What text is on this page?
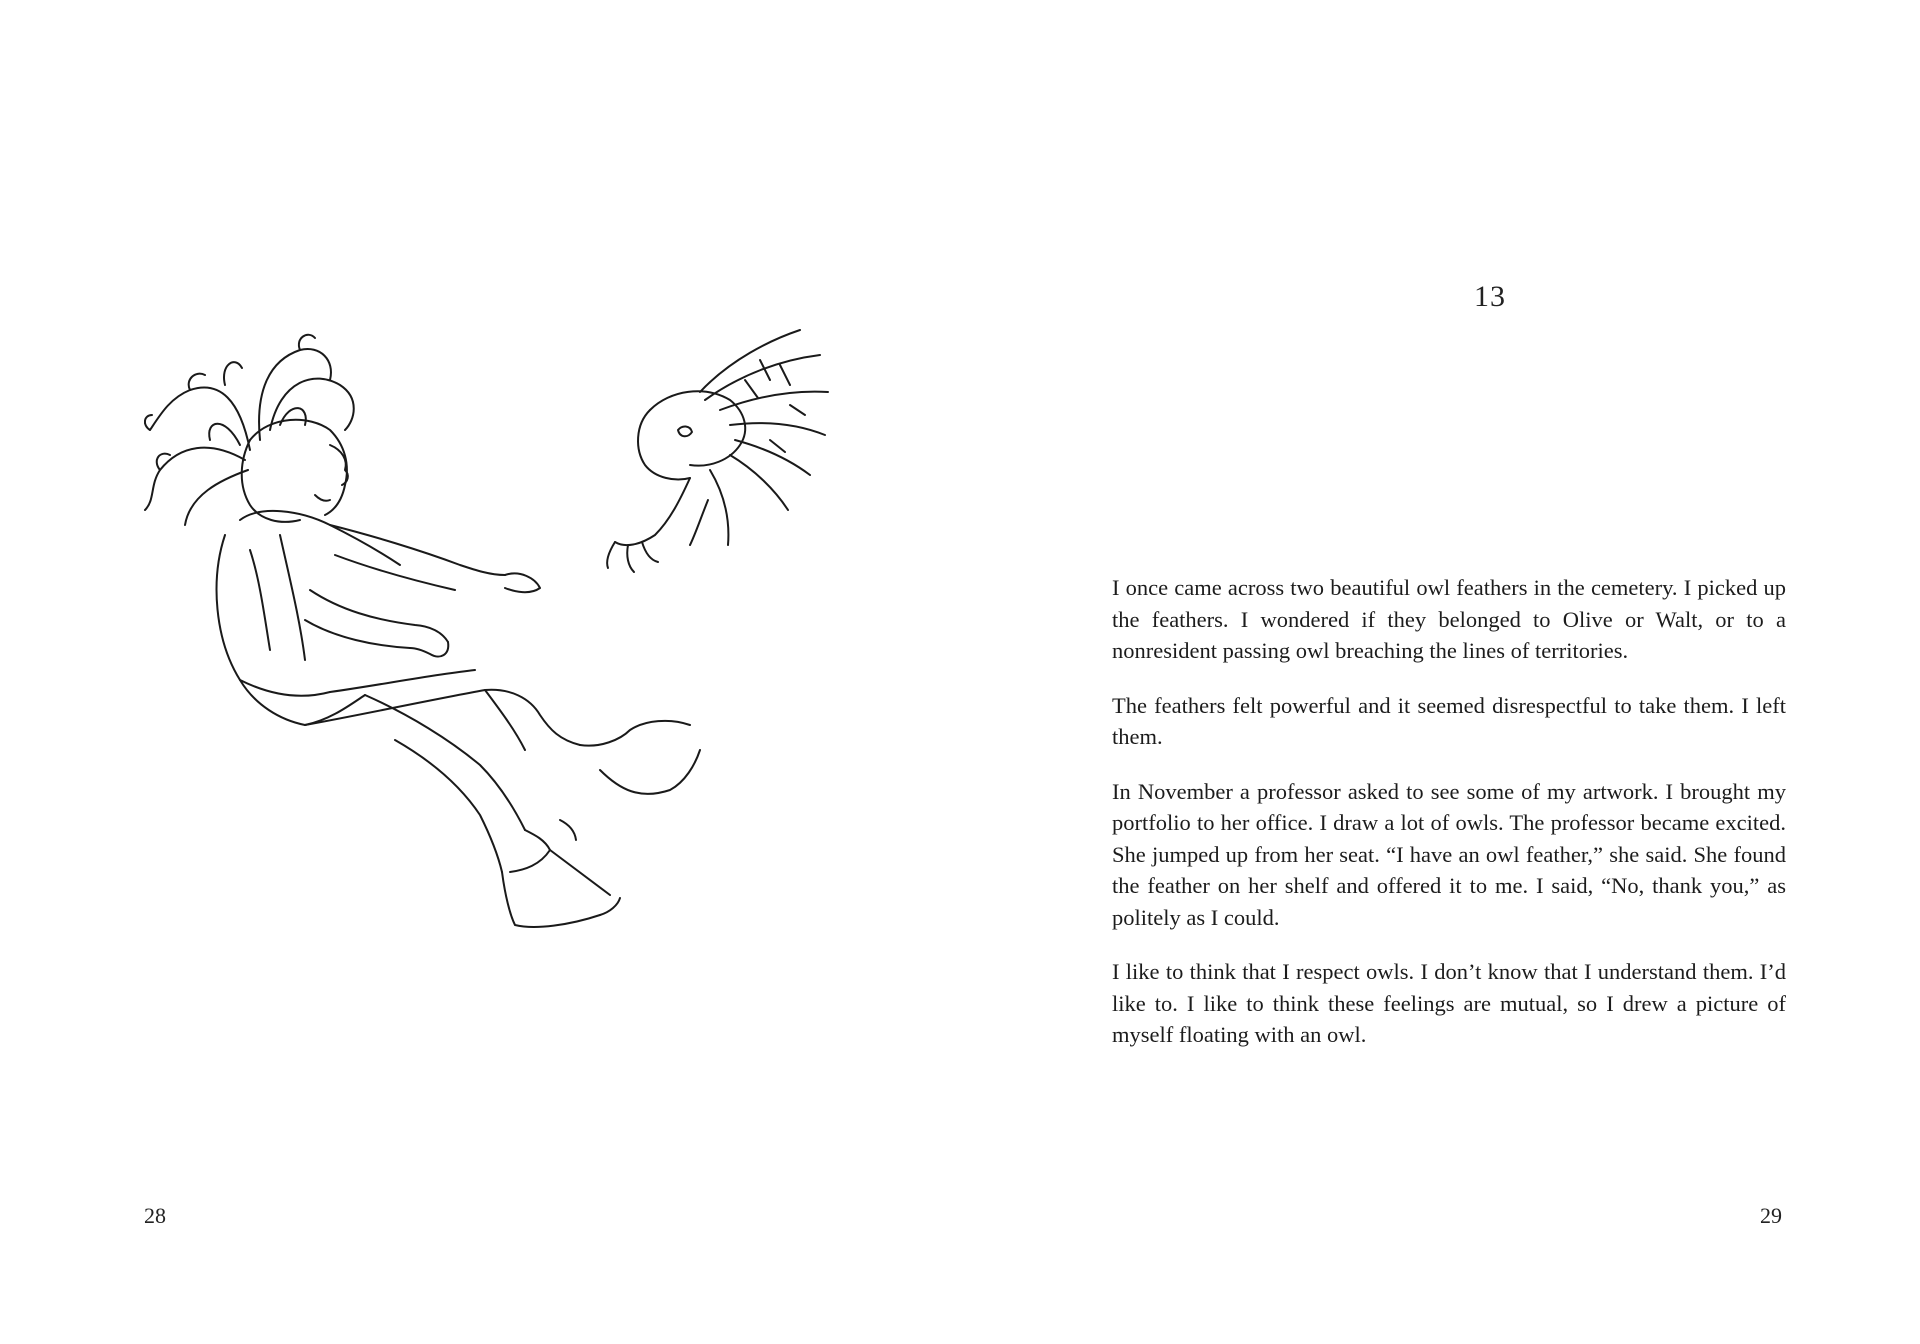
28
13

I once came across two beautiful owl feathers in the cemetery. I picked up the feathers. I wondered if they belonged to Olive or Walt, or to a nonresident passing owl breaching the lines of territories.

The feathers felt powerful and it seemed disrespectful to take them. I left them.

In November a professor asked to see some of my artwork. I brought my portfolio to her office. I draw a lot of owls. The professor became excited. She jumped up from her seat. “I have an owl feather,” she said. She found the feather on her shelf and offered it to me. I said, “No, thank you,” as politely as I could.

I like to think that I respect owls. I don’t know that I understand them. I’d like to. I like to think these feelings are mutual, so I drew a picture of myself floating with an owl.

29
